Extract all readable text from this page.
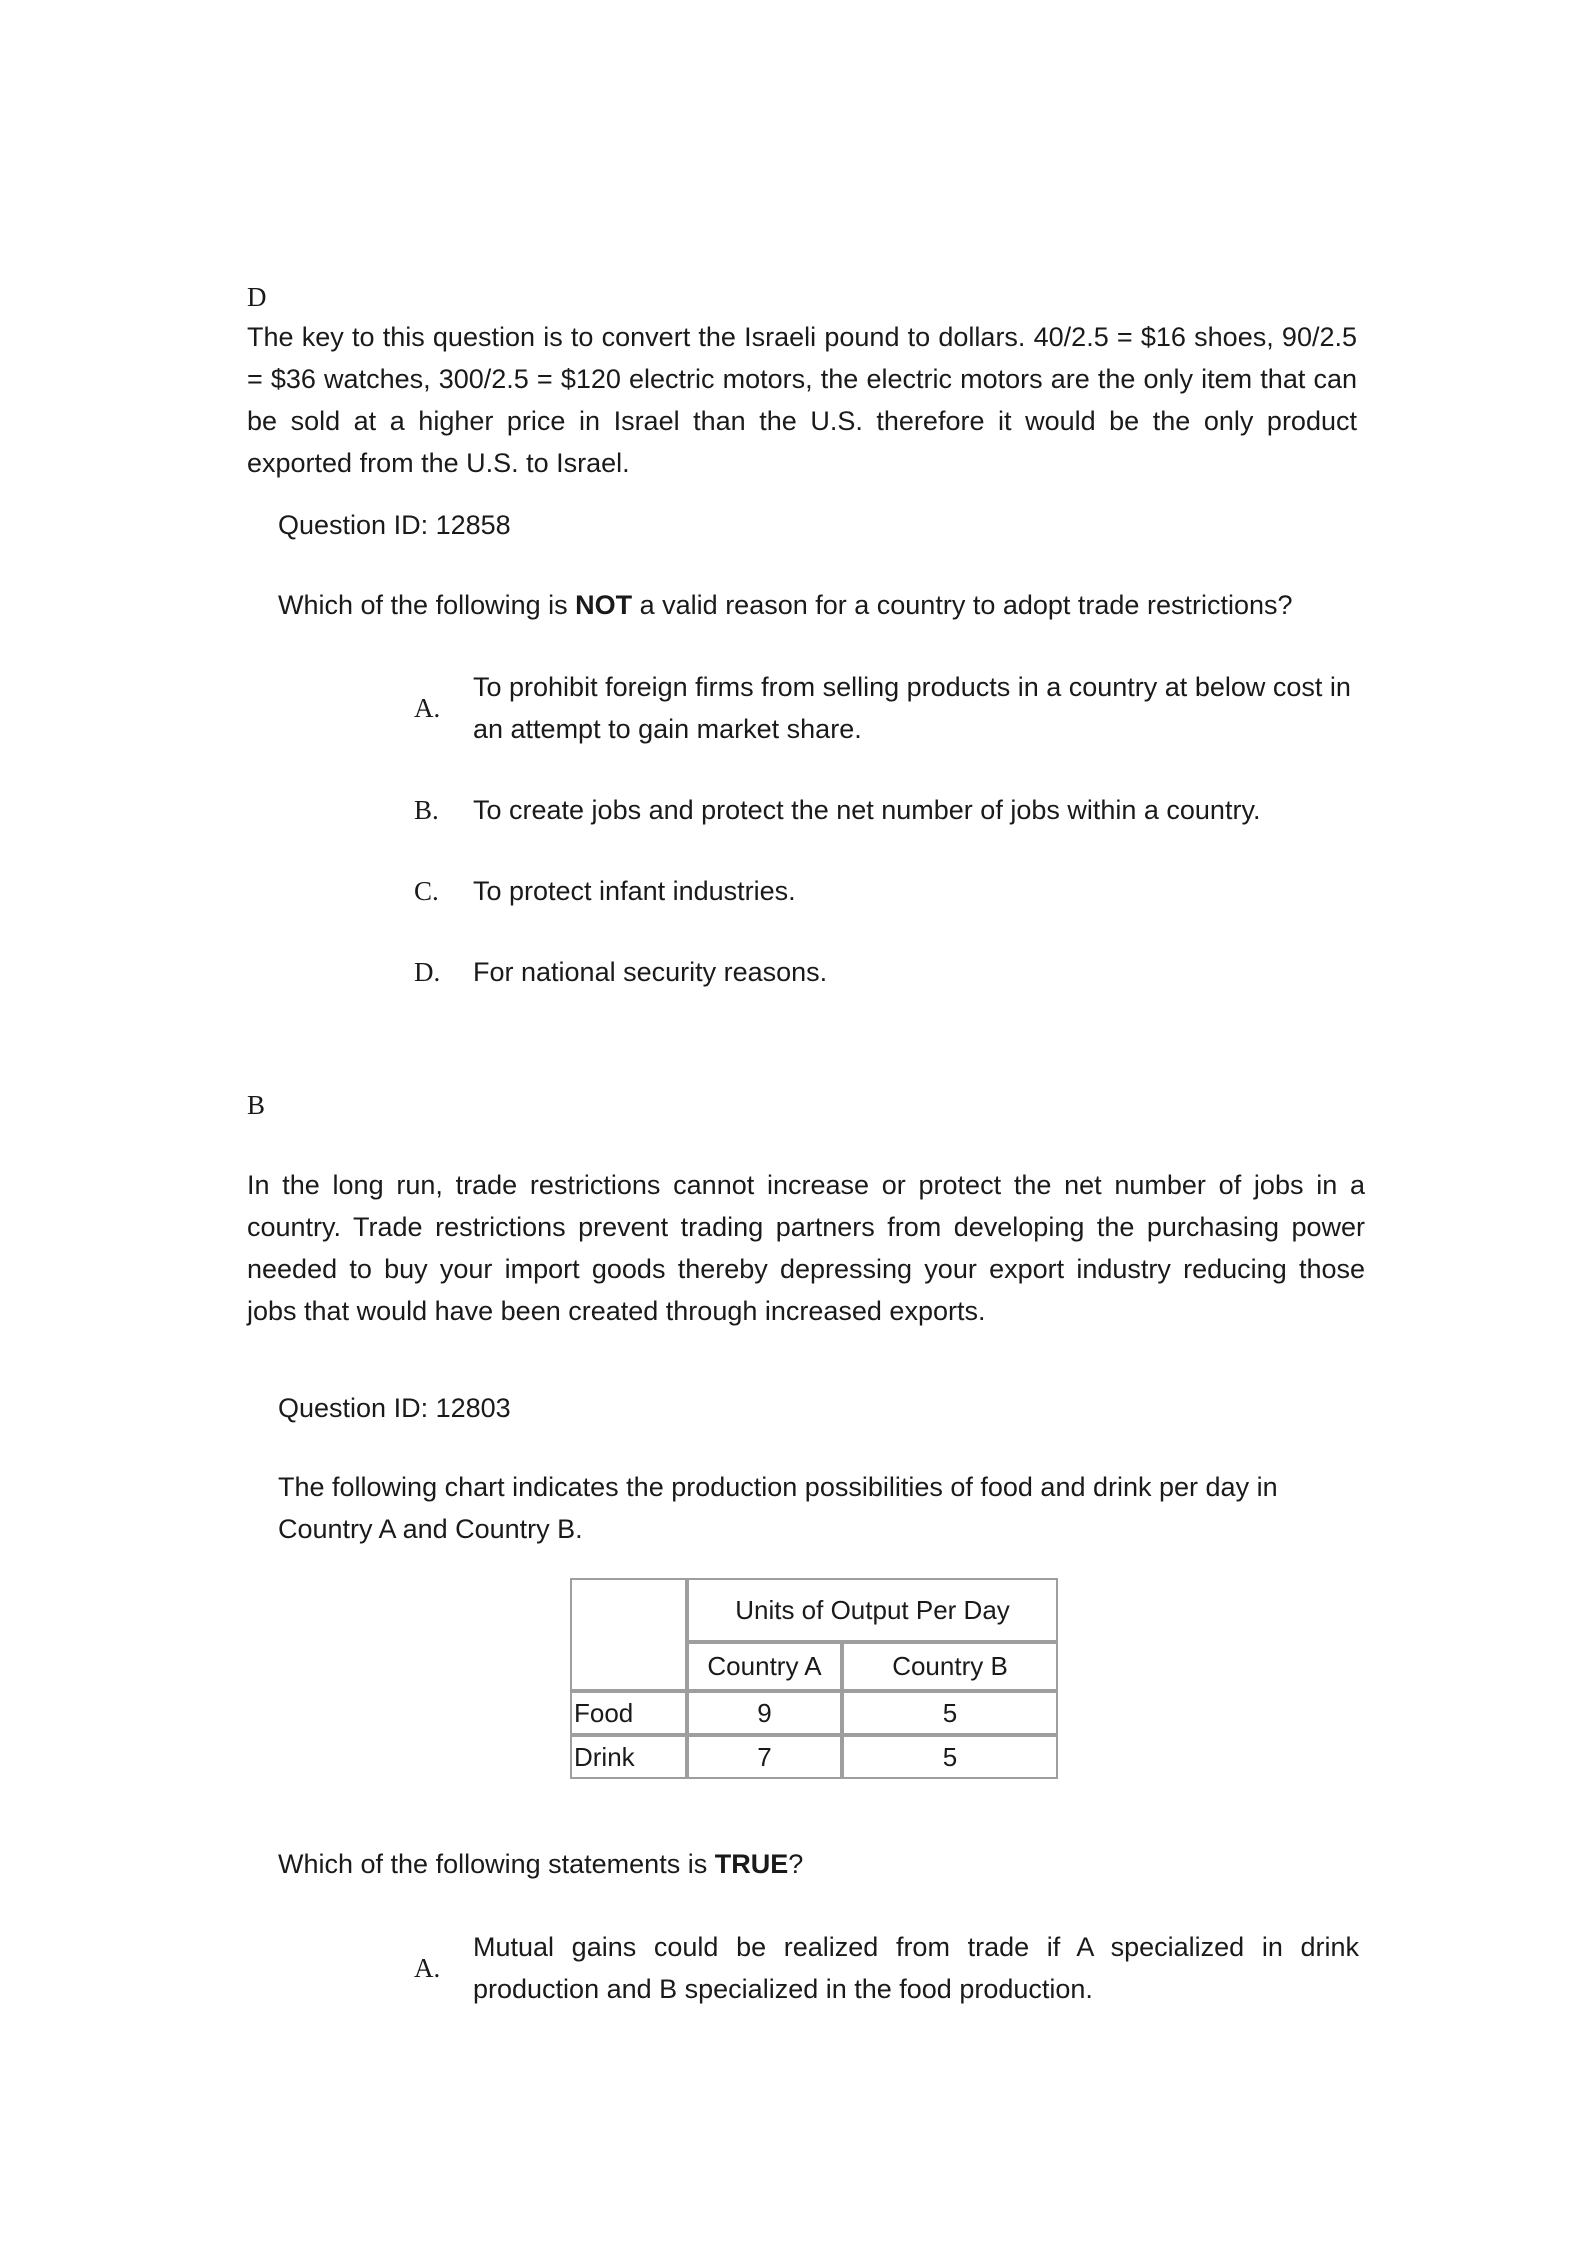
D
The key to this question is to convert the Israeli pound to dollars. 40/2.5 = $16 shoes, 90/2.5 = $36 watches, 300/2.5 = $120 electric motors, the electric motors are the only item that can be sold at a higher price in Israel than the U.S. therefore it would be the only product exported from the U.S. to Israel.
Question ID: 12858
Which of the following is NOT a valid reason for a country to adopt trade restrictions?
A.
To prohibit foreign firms from selling products in a country at below cost in an attempt to gain market share.
B. To create jobs and protect the net number of jobs within a country.
C. To protect infant industries.
D. For national security reasons.
B
In the long run, trade restrictions cannot increase or protect the net number of jobs in a country. Trade restrictions prevent trading partners from developing the purchasing power needed to buy your import goods thereby depressing your export industry reducing those jobs that would have been created through increased exports.
Question ID: 12803
The following chart indicates the production possibilities of food and drink per day in Country A and Country B.
	Units of Output Per Day	
	Country A	Country B
Food	9	5
Drink	7	5
Which of the following statements is TRUE?
A.
Mutual gains could be realized from trade if A specialized in drink production and B specialized in the food production.
